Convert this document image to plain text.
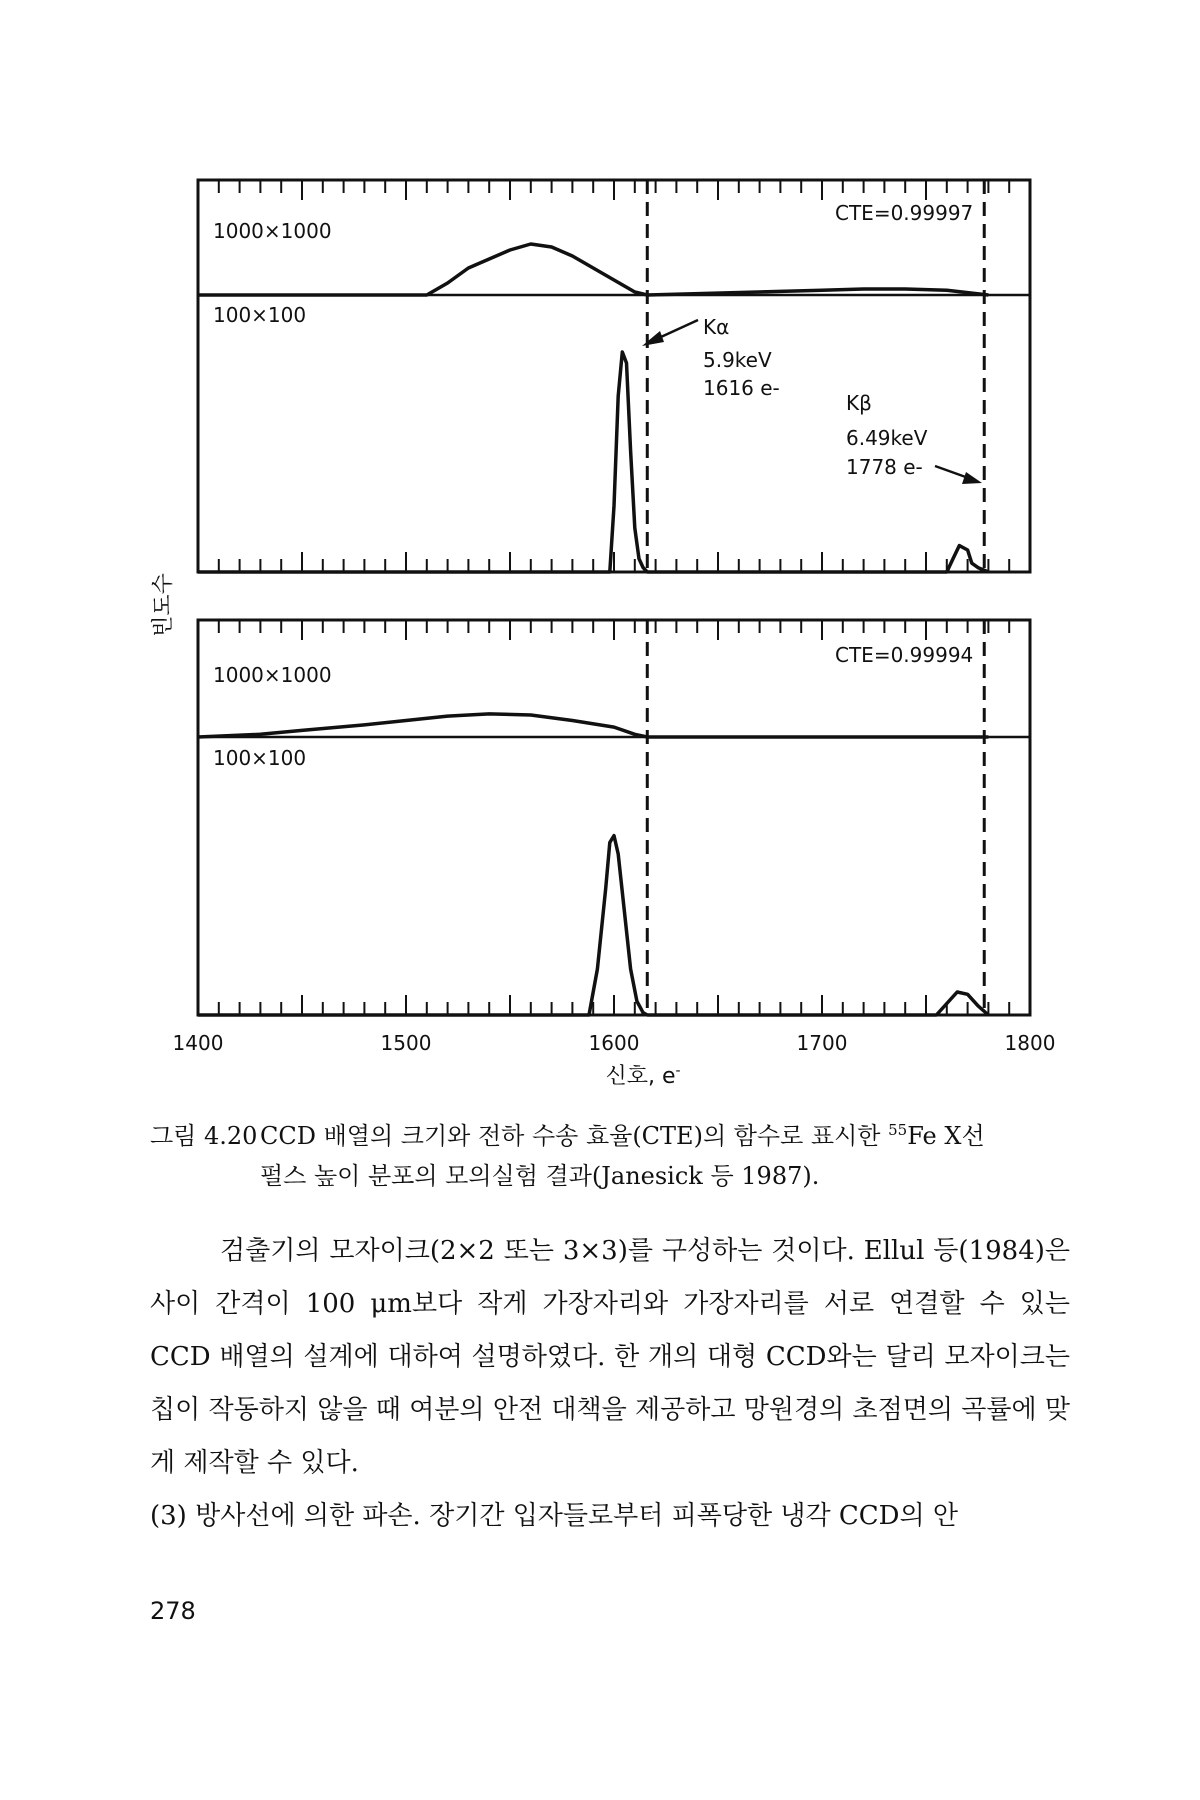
빈도수
CTE=0.99997
1000×1000
100×100	Kα
5.9keV
1616 e-
Kβ
6.49keV
1778 e-
CTE=0.99994
1000×1000
100×100
1400	1500	1600	1700	1800
신호, e-
그림 4.20 CCD 배열의 크기와 전하 수송 효율(CTE)의 함수로 표시한 $^{55}$Fe X선
펄스 높이 분포의 모의실험 결과(Janesick 등 1987).

검출기의 모자이크(2×2 또는 3×3)를 구성하는 것이다. Ellul 등(1984)은 사이 간격이 100 μm보다 작게 가장자리와 가장자리를 서로 연결할 수 있는 CCD 배열의 설계에 대하여 설명하였다. 한 개의 대형 CCD와는 달리 모자이크는 칩이 작동하지 않을 때 여분의 안전 대책을 제공하고 망원경의 초점면의 곡률에 맞게 제작할 수 있다.

(3) 방사선에 의한 파손. 장기간 입자들로부터 피폭당한 냉각 CCD의 안

278
